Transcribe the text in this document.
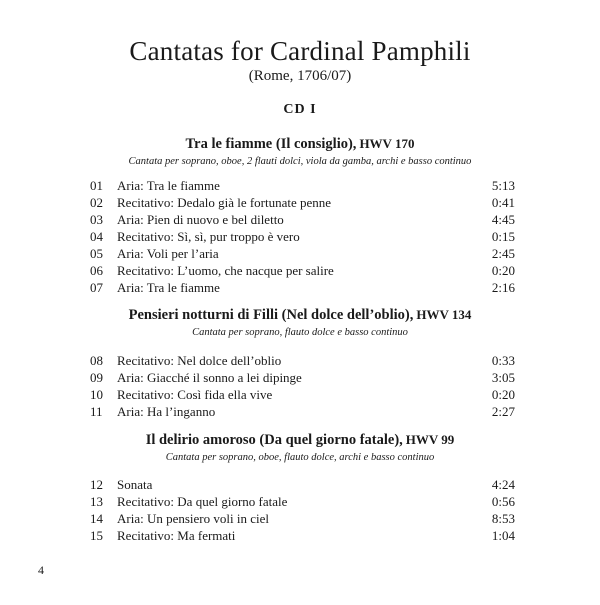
Cantatas for Cardinal Pamphili
(Rome, 1706/07)
CD I
Tra le fiamme (Il consiglio), HWV 170
Cantata per soprano, oboe, 2 flauti dolci, viola da gamba, archi e basso continuo
01 Aria: Tra le fiamme	5:13
02 Recitativo: Dedalo già le fortunate penne	0:41
03 Aria: Pien di nuovo e bel diletto	4:45
04 Recitativo: Sì, sì, pur troppo è vero	0:15
05 Aria: Voli per l’aria	2:45
06 Recitativo: L’uomo, che nacque per salire	0:20
07 Aria: Tra le fiamme	2:16
Pensieri notturni di Filli (Nel dolce dell’oblio), HWV 134
Cantata per soprano, flauto dolce e basso continuo
08 Recitativo: Nel dolce dell’oblio	0:33
09 Aria: Giacché il sonno a lei dipinge	3:05
10 Recitativo: Così fida ella vive	0:20
11 Aria: Ha l’inganno	2:27
Il delirio amoroso (Da quel giorno fatale), HWV 99
Cantata per soprano, oboe, flauto dolce, archi e basso continuo
12 Sonata	4:24
13 Recitativo: Da quel giorno fatale	0:56
14 Aria: Un pensiero voli in ciel	8:53
15 Recitativo: Ma fermati	1:04
4
